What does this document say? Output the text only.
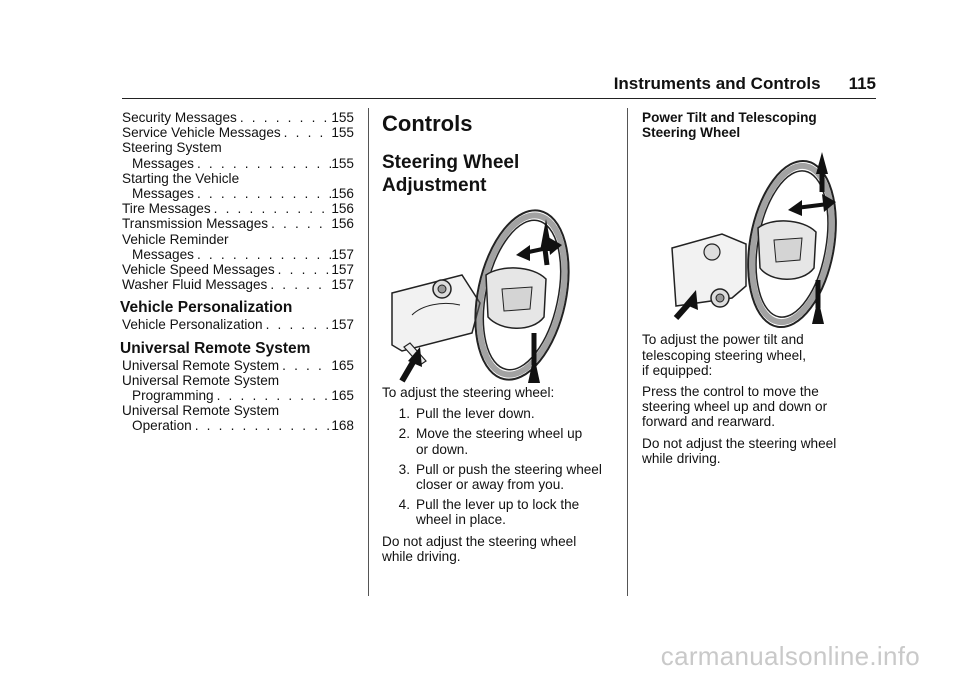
Instruments and Controls 115
Security Messages . . .	155
Service Vehicle Messages . . .	155
Steering System
Messages . . .	155
Starting the Vehicle
Messages . . .	156
Tire Messages . . .	156
Transmission Messages . . .	156
Vehicle Reminder
Messages . . .	157
Vehicle Speed Messages . . .	157
Washer Fluid Messages . . .	157
Vehicle Personalization
Vehicle Personalization . . .	157
Universal Remote System
Universal Remote System . . .	165
Universal Remote System
Programming . . .	165
Universal Remote System
Operation . . .	168
Controls
Steering Wheel
Adjustment

To adjust the steering wheel:

1. Pull the lever down.
2. Move the steering wheel up
or down.
3. Pull or push the steering wheel
closer or away from you.
4. Pull the lever up to lock the
wheel in place.

Do not adjust the steering wheel
while driving.

Power Tilt and Telescoping
Steering Wheel

To adjust the power tilt and
telescoping steering wheel,
if equipped:

Press the control to move the
steering wheel up and down or
forward and rearward.

Do not adjust the steering wheel
while driving.

carmanualsonline.info
